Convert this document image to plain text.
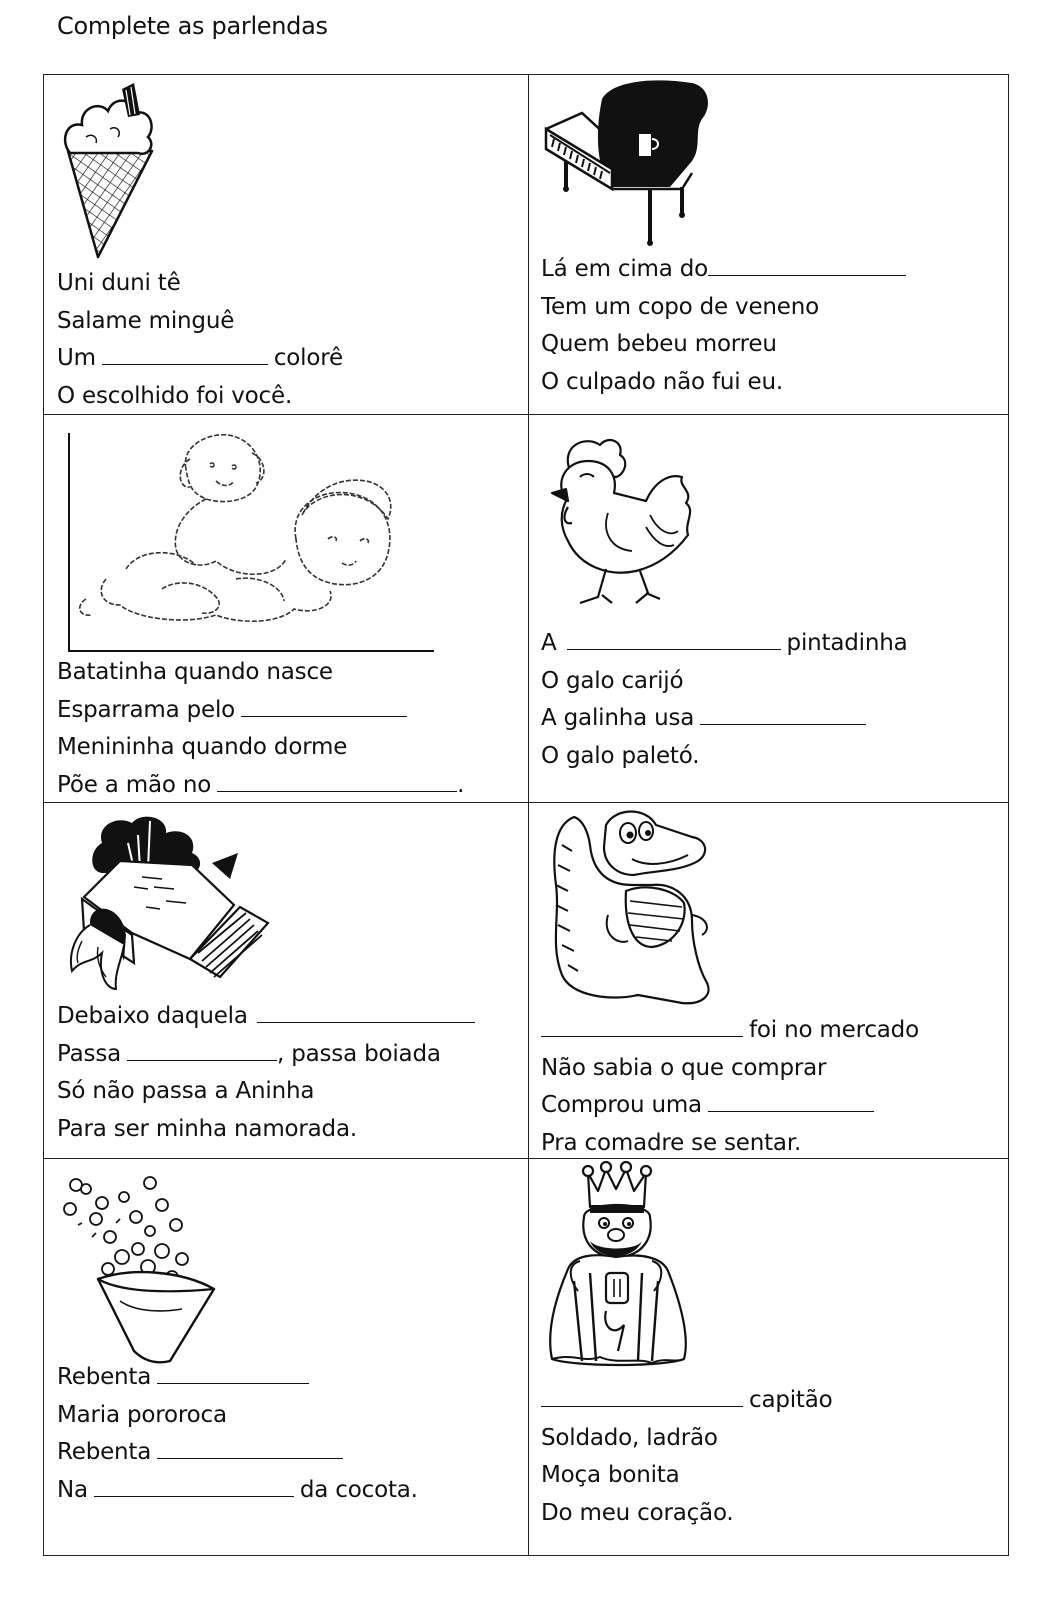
Complete as parlendas
Uni duni tê
Salame minguê
Um	colorê
O escolhido foi você.
Lá em cima do
Tem um copo de veneno
Quem bebeu morreu
O culpado não fui eu.
Batatinha quando nasce
Esparrama pelo
Menininha quando dorme
Põe a mão no	.
A	pintadinha
O galo carijó
A galinha usa
O galo paletó.
Debaixo daquela
Passa	, passa boiada
Só não passa a Aninha
Para ser minha namorada.
foi no mercado
Não sabia o que comprar
Comprou uma
Pra comadre se sentar.
Rebenta
Maria pororoca
Rebenta
Na	da cocota.
capitão
Soldado, ladrão
Moça bonita
Do meu coração.
